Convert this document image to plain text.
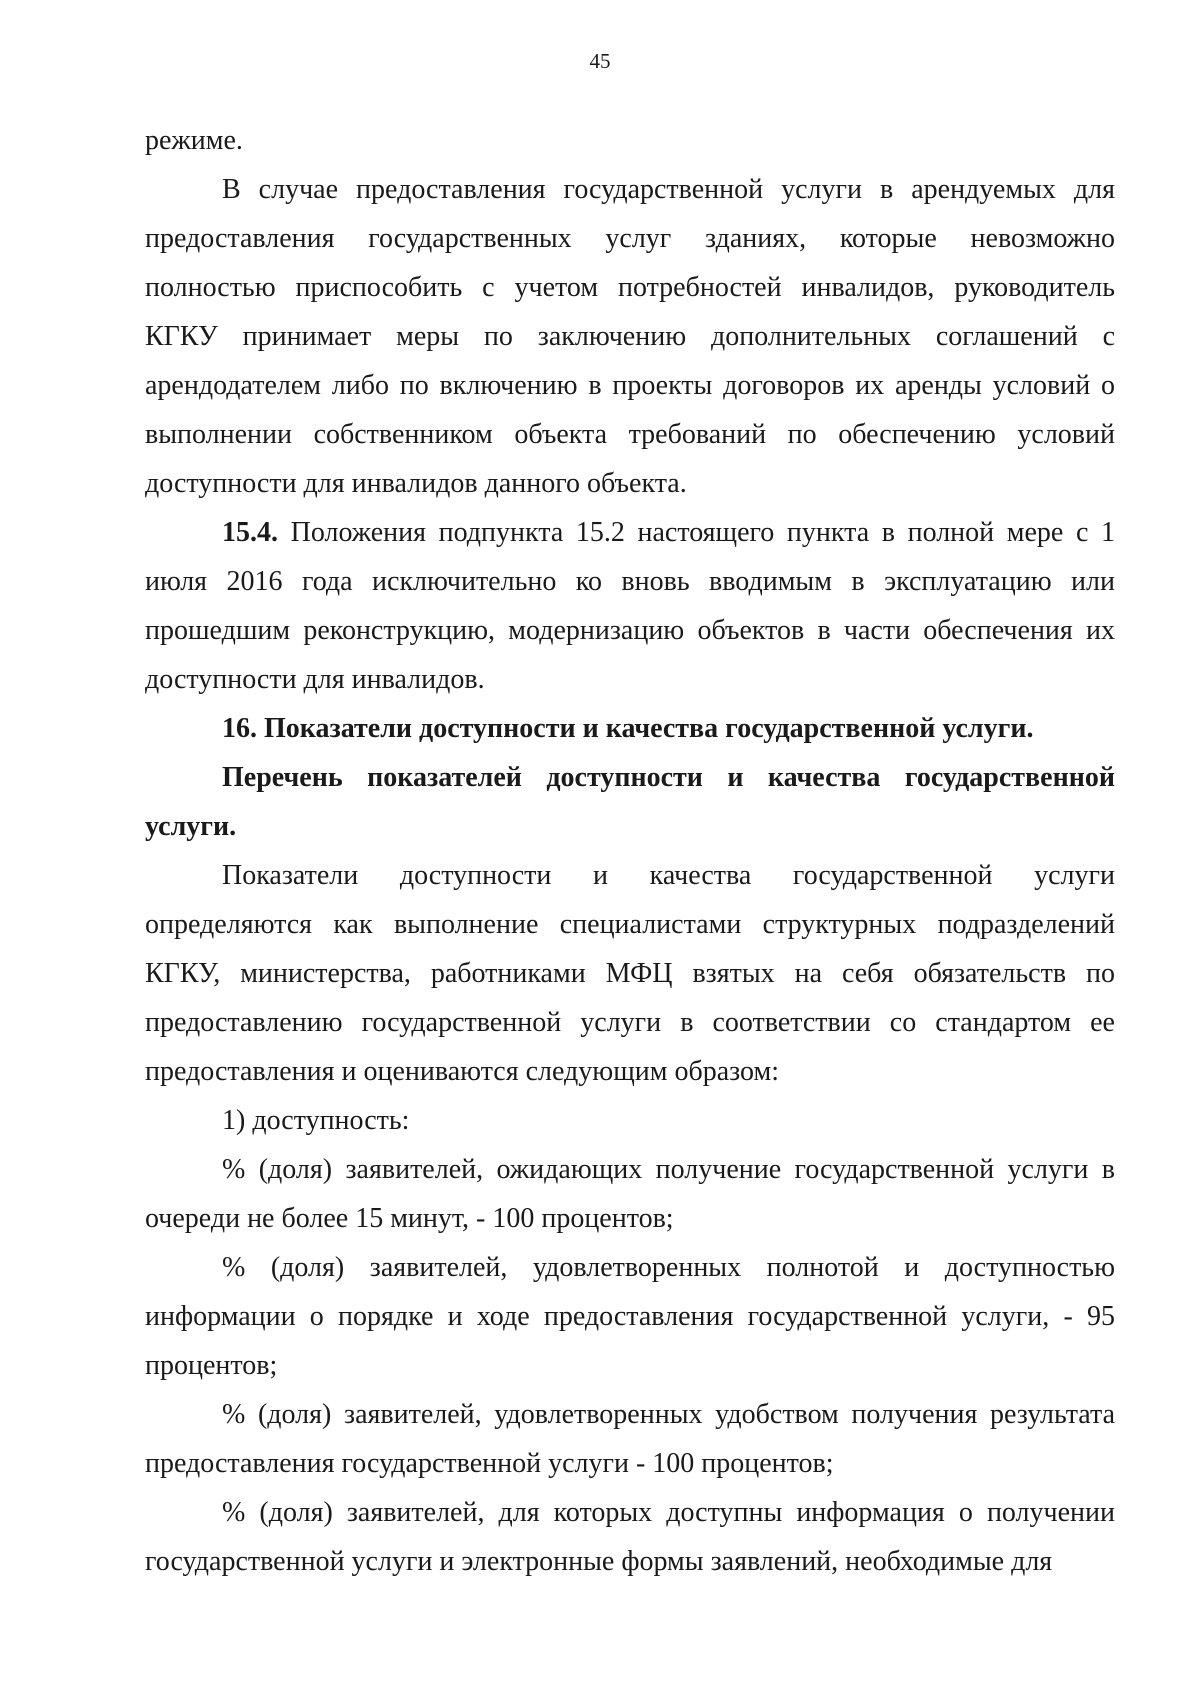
45

режиме.

В случае предоставления государственной услуги в арендуемых для предоставления государственных услуг зданиях, которые невозможно полностью приспособить с учетом потребностей инвалидов, руководитель КГКУ принимает меры по заключению дополнительных соглашений с арендодателем либо по включению в проекты договоров их аренды условий о выполнении собственником объекта требований по обеспечению условий доступности для инвалидов данного объекта.

15.4. Положения подпункта 15.2 настоящего пункта в полной мере с 1 июля 2016 года исключительно ко вновь вводимым в эксплуатацию или прошедшим реконструкцию, модернизацию объектов в части обеспечения их доступности для инвалидов.

16. Показатели доступности и качества государственной услуги.

Перечень показателей доступности и качества государственной услуги.

Показатели доступности и качества государственной услуги определяются как выполнение специалистами структурных подразделений КГКУ, министерства, работниками МФЦ взятых на себя обязательств по предоставлению государственной услуги в соответствии со стандартом ее предоставления и оцениваются следующим образом:

1) доступность:

% (доля) заявителей, ожидающих получение государственной услуги в очереди не более 15 минут, - 100 процентов;

% (доля) заявителей, удовлетворенных полнотой и доступностью информации о порядке и ходе предоставления государственной услуги, - 95 процентов;

% (доля) заявителей, удовлетворенных удобством получения результата предоставления государственной услуги - 100 процентов;

% (доля) заявителей, для которых доступны информация о получении государственной услуги и электронные формы заявлений, необходимые для
